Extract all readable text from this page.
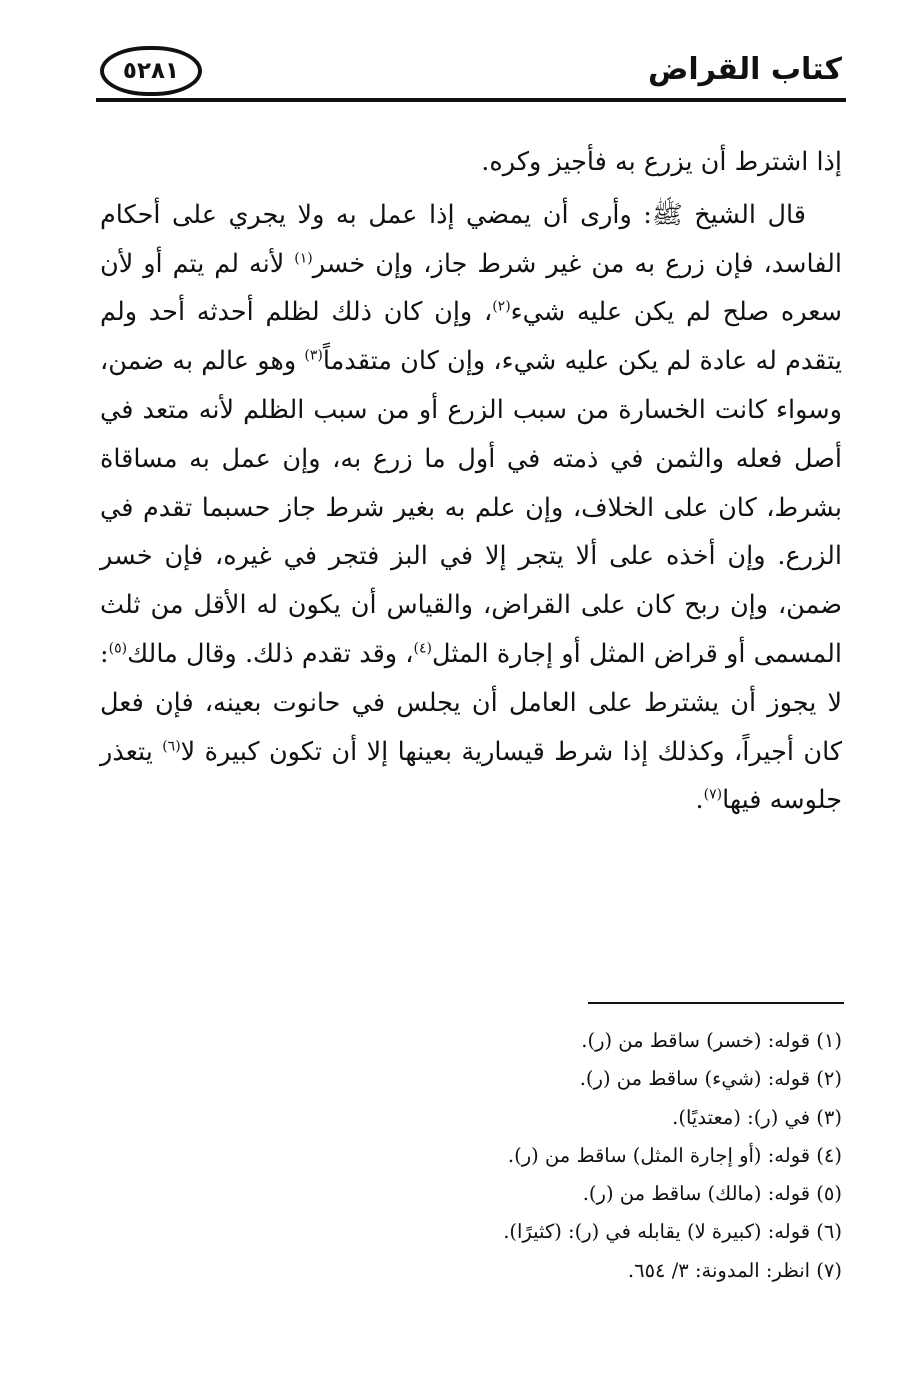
كتاب القراض
٥٢٨١

إذا اشترط أن يزرع به فأجيز وكره.

قال الشيخ ﷺ: وأرى أن يمضي إذا عمل به ولا يجري على أحكام الفاسد، فإن زرع به من غير شرط جاز، وإن خسر$^{(١)}$ لأنه لم يتم أو لأن سعره صلح لم يكن عليه شيء$^{(٢)}$، وإن كان ذلك لظلم أحدثه أحد ولم يتقدم له عادة لم يكن عليه شيء، وإن كان متقدماً$^{(٣)}$ وهو عالم به ضمن، وسواء كانت الخسارة من سبب الزرع أو من سبب الظلم لأنه متعد في أصل فعله والثمن في ذمته في أول ما زرع به، وإن عمل به مساقاة بشرط، كان على الخلاف، وإن علم به بغير شرط جاز حسبما تقدم في الزرع. وإن أخذه على ألا يتجر إلا في البز فتجر في غيره، فإن خسر ضمن، وإن ربح كان على القراض، والقياس أن يكون له الأقل من ثلث المسمى أو قراض المثل أو إجارة المثل$^{(٤)}$، وقد تقدم ذلك. وقال مالك$^{(٥)}$: لا يجوز أن يشترط على العامل أن يجلس في حانوت بعينه، فإن فعل كان أجيراً، وكذلك إذا شرط قيسارية بعينها إلا أن تكون كبيرة لا$^{(٦)}$ يتعذر جلوسه فيها$^{(٧)}$.

(١) قوله: (خسر) ساقط من (ر).
(٢) قوله: (شيء) ساقط من (ر).
(٣) في (ر): (معتديًا).
(٤) قوله: (أو إجارة المثل) ساقط من (ر).
(٥) قوله: (مالك) ساقط من (ر).
(٦) قوله: (كبيرة لا) يقابله في (ر): (كثيرًا).
(٧) انظر: المدونة: ٣/ ٦٥٤.
